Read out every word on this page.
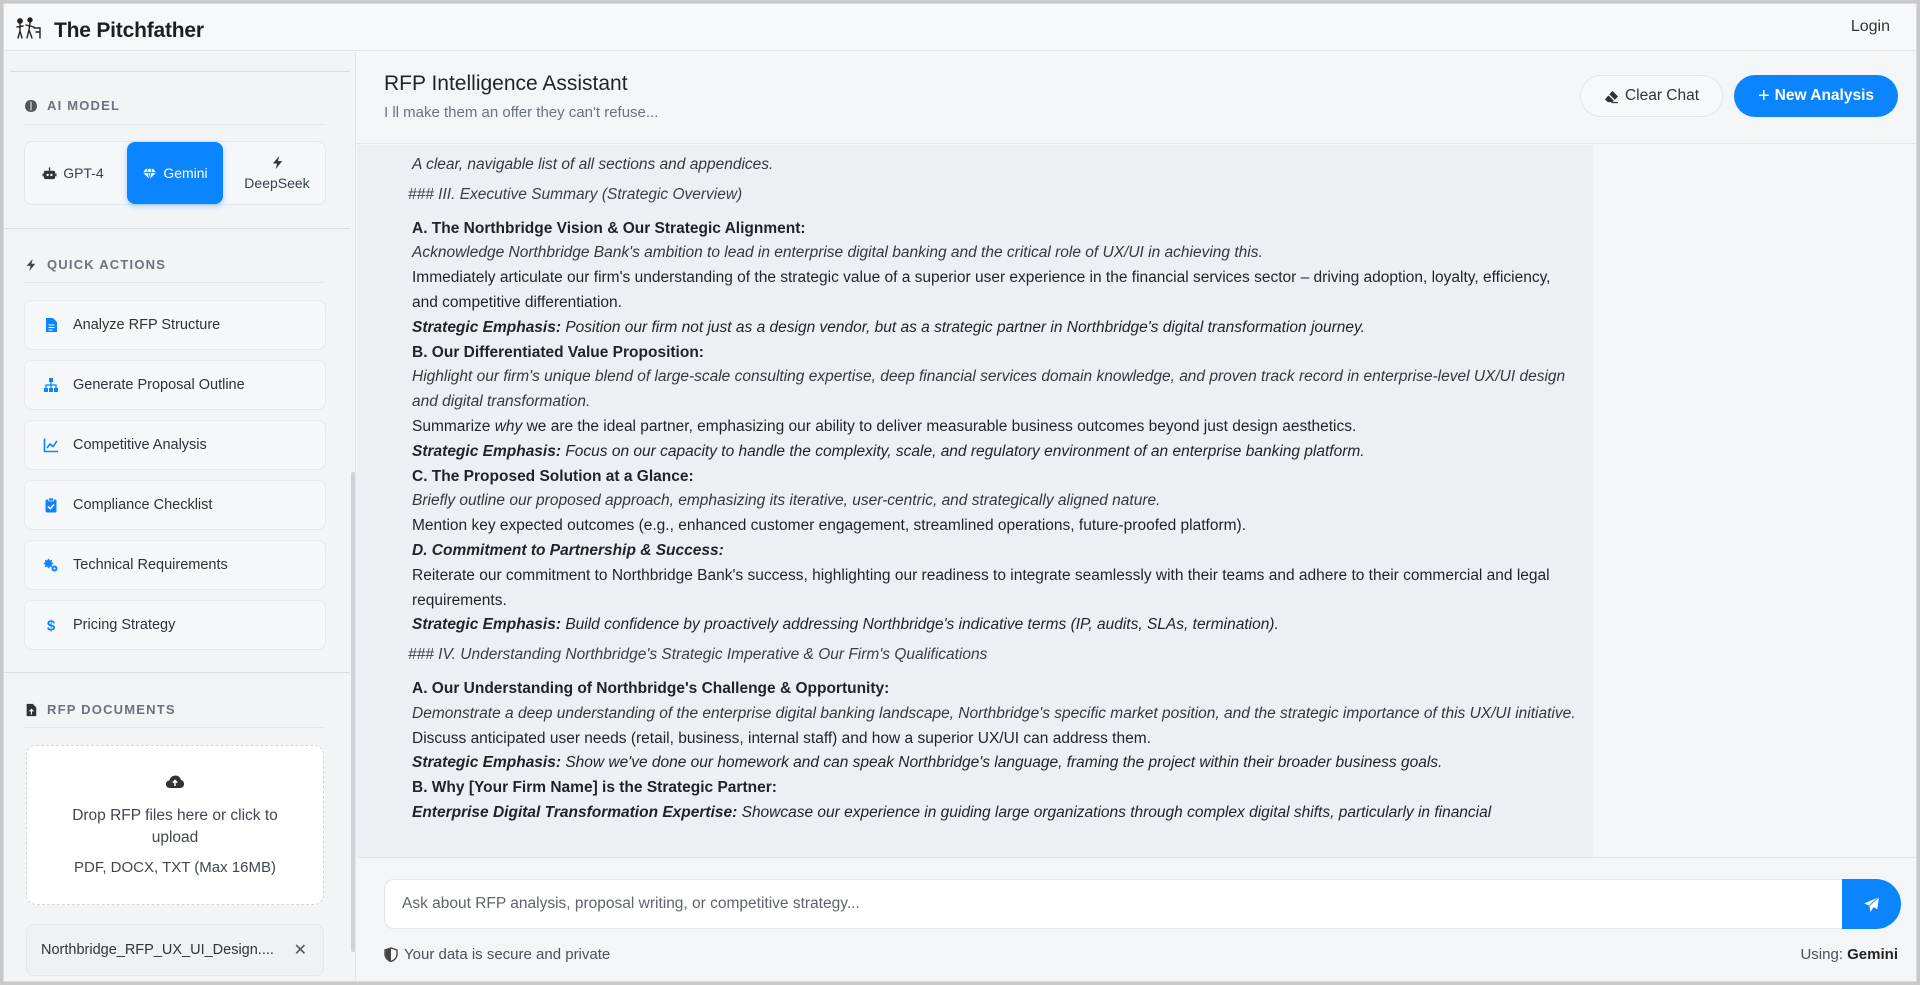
The Pitchfather	Login
AI MODEL
GPT-4	Gemini
DeepSeek
QUICK ACTIONS
Analyze RFP Structure
Generate Proposal Outline
Competitive Analysis
Compliance Checklist
Technical Requirements
$ Pricing Strategy
RFP DOCUMENTS
Drop RFP files here or click to upload
PDF, DOCX, TXT (Max 16MB)
Northbridge_RFP_UX_UI_Design....	✕
RFP Intelligence Assistant
I ll make them an offer they can't refuse...
Clear Chat	+ New Analysis
A clear, navigable list of all sections and appendices.
### III. Executive Summary (Strategic Overview)
A. The Northbridge Vision & Our Strategic Alignment:
Acknowledge Northbridge Bank's ambition to lead in enterprise digital banking and the critical role of UX/UI in achieving this.
Immediately articulate our firm's understanding of the strategic value of a superior user experience in the financial services sector – driving adoption, loyalty, efficiency, and competitive differentiation.
Strategic Emphasis: Position our firm not just as a design vendor, but as a strategic partner in Northbridge's digital transformation journey.
B. Our Differentiated Value Proposition:
Highlight our firm's unique blend of large-scale consulting expertise, deep financial services domain knowledge, and proven track record in enterprise-level UX/UI design and digital transformation.
Summarize why we are the ideal partner, emphasizing our ability to deliver measurable business outcomes beyond just design aesthetics.
Strategic Emphasis: Focus on our capacity to handle the complexity, scale, and regulatory environment of an enterprise banking platform.
C. The Proposed Solution at a Glance:
Briefly outline our proposed approach, emphasizing its iterative, user-centric, and strategically aligned nature.
Mention key expected outcomes (e.g., enhanced customer engagement, streamlined operations, future-proofed platform).
D. Commitment to Partnership & Success:
Reiterate our commitment to Northbridge Bank's success, highlighting our readiness to integrate seamlessly with their teams and adhere to their commercial and legal requirements.
Strategic Emphasis: Build confidence by proactively addressing Northbridge's indicative terms (IP, audits, SLAs, termination).
### IV. Understanding Northbridge's Strategic Imperative & Our Firm's Qualifications
A. Our Understanding of Northbridge's Challenge & Opportunity:
Demonstrate a deep understanding of the enterprise digital banking landscape, Northbridge's specific market position, and the strategic importance of this UX/UI initiative.
Discuss anticipated user needs (retail, business, internal staff) and how a superior UX/UI can address them.
Strategic Emphasis: Show we've done our homework and can speak Northbridge's language, framing the project within their broader business goals.
B. Why [Your Firm Name] is the Strategic Partner:
Enterprise Digital Transformation Expertise: Showcase our experience in guiding large organizations through complex digital shifts, particularly in financial
Ask about RFP analysis, proposal writing, or competitive strategy...
Your data is secure and private	Using: Gemini
